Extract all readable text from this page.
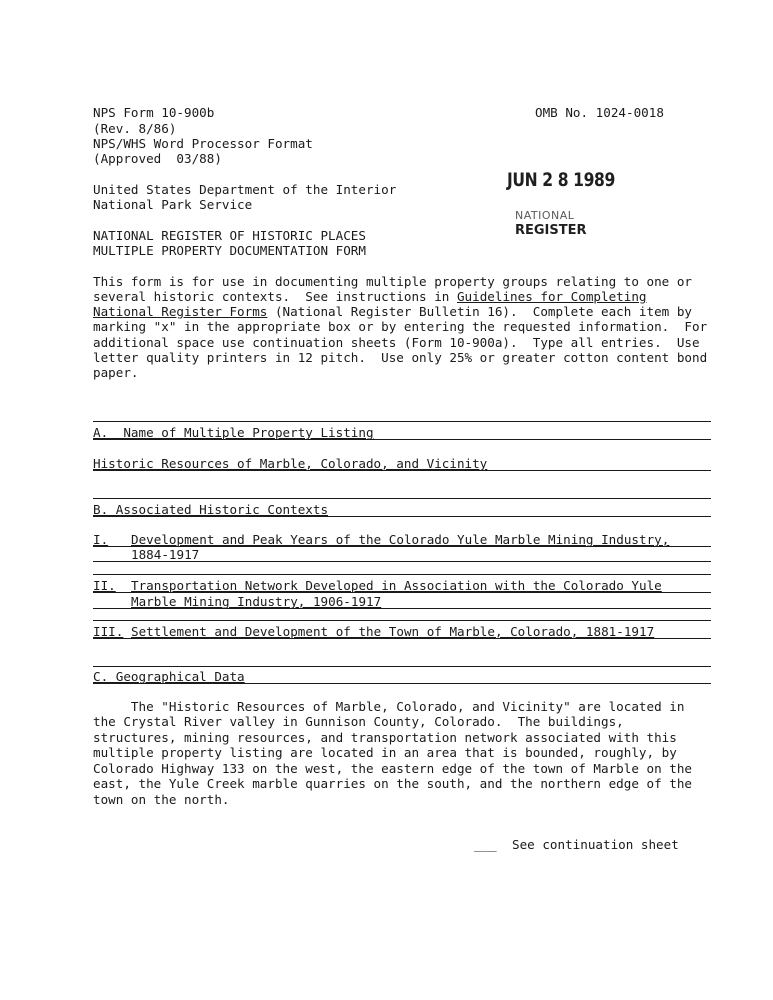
NPS Form 10-900b
(Rev. 8/86)
NPS/WHS Word Processor Format
(Approved  03/88)
OMB No. 1024-0018
United States Department of the Interior
National Park Service
NATIONAL REGISTER OF HISTORIC PLACES
MULTIPLE PROPERTY DOCUMENTATION FORM
JUN 2 8 1989
NATIONAL
REGISTER
This form is for use in documenting multiple property groups relating to one or
several historic contexts.  See instructions in Guidelines for Completing
National Register Forms (National Register Bulletin 16).  Complete each item by
marking "x" in the appropriate box or by entering the requested information.  For
additional space use continuation sheets (Form 10-900a).  Type all entries.  Use
letter quality printers in 12 pitch.  Use only 25% or greater cotton content bond
paper.
A.  Name of Multiple Property Listing
Historic Resources of Marble, Colorado, and Vicinity
B. Associated Historic Contexts
I. Development and Peak Years of the Colorado Yule Marble Mining Industry,
1884-1917
II. Transportation Network Developed in Association with the Colorado Yule
Marble Mining Industry, 1906-1917
III. Settlement and Development of the Town of Marble, Colorado, 1881-1917
C. Geographical Data
The "Historic Resources of Marble, Colorado, and Vicinity" are located in
the Crystal River valley in Gunnison County, Colorado.  The buildings,
structures, mining resources, and transportation network associated with this
multiple property listing are located in an area that is bounded, roughly, by
Colorado Highway 133 on the west, the eastern edge of the town of Marble on the
east, the Yule Creek marble quarries on the south, and the northern edge of the
town on the north.
___ See continuation sheet
